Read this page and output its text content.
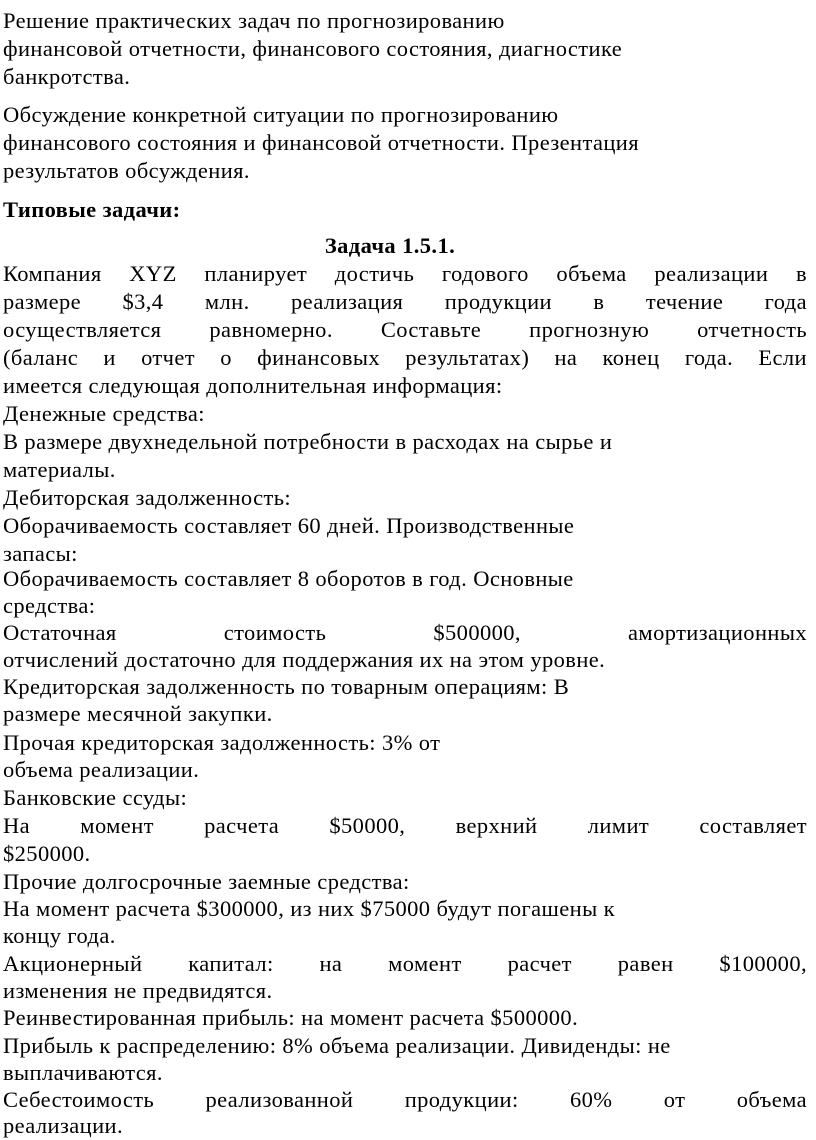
Решение практических задач по прогнозированию
финансовой отчетности, финансового состояния, диагностике
банкротства.
Обсуждение конкретной ситуации по прогнозированию
финансового состояния и финансовой отчетности. Презентация
результатов обсуждения.
Типовые задачи:
Задача 1.5.1.
Компания XYZ планирует достичь годового объема реализации в
размере $3,4 млн. реализация продукции в течение года
осуществляется равномерно. Составьте прогнозную отчетность
(баланс и отчет о финансовых результатах) на конец года. Если
имеется следующая дополнительная информация:
Денежные средства:
В размере двухнедельной потребности в расходах на сырье и
материалы.
Дебиторская задолженность:
Оборачиваемость составляет 60 дней. Производственные
запасы:
Оборачиваемость составляет 8 оборотов в год. Основные
средства:
Остаточная стоимость $500000, амортизационных
отчислений достаточно для поддержания их на этом уровне.
Кредиторская задолженность по товарным операциям: В
размере месячной закупки.
Прочая кредиторская задолженность: 3% от
объема реализации.
Банковские ссуды:
На момент расчета $50000, верхний лимит составляет
$250000.
Прочие долгосрочные заемные средства:
На момент расчета $300000, из них $75000 будут погашены к
концу года.
Акционерный капитал: на момент расчет равен $100000,
изменения не предвидятся.
Реинвестированная прибыль: на момент расчета $500000.
Прибыль к распределению: 8% объема реализации. Дивиденды: не
выплачиваются.
Себестоимость реализованной продукции: 60% от объема
реализации.
